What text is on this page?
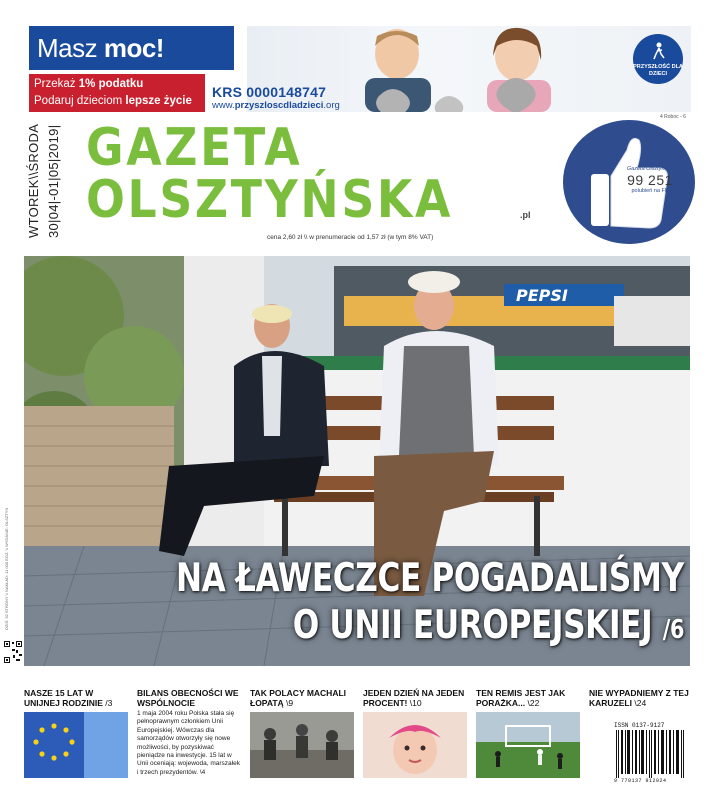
Masz moc!
Przekaż 1% podatku
Podaruj dzieciom lepsze życie
PRZYSZŁOŚĆ DLA DZIECI
KRS 0000148747
www.przyszloscdladzieci.org
4 Roboc - 6
WTOREK\\ŚRODA 30|04|-01|05|2019| GAZETA
OLSZTYŃSKA	.pl
cena 2,60 zł \\ w prenumeracie od 1,57 zł (w tym 8% VAT)
Gazeta Olsztyńska
99 251
polubień na FB
DZIŚ: 32 STRONY \\ NAKŁAD: 11 000 EGZ. \\ WYDANIE: OLSZTYN
PEPSI
NA ŁAWECZCE POGADALIŚMY
O UNII EUROPEJSKIEJ /6
NASZE 15 LAT W UNIJNEJ RODZINIE /3
BILANS OBECNOŚCI WE WSPÓLNOCIE
1 maja 2004 roku Polska stała się pełnoprawnym członkiem Unii Europejskiej. Wówczas dla samorządów otworzyły się nowe możliwości, by pozyskiwać pieniądze na inwestycje. 15 lat w Unii oceniają: wojewoda, marszałek i trzech prezydentów. \4
TAK POLACY MACHALI ŁOPATĄ \9
JEDEN DZIEŃ NA JEDEN PROCENT! \10
TEN REMIS JEST JAK PORAŻKA... \22
NIE WYPADNIEMY Z TEJ KARUZELI \24
ISSN 0137-9127
9 770137 912024
